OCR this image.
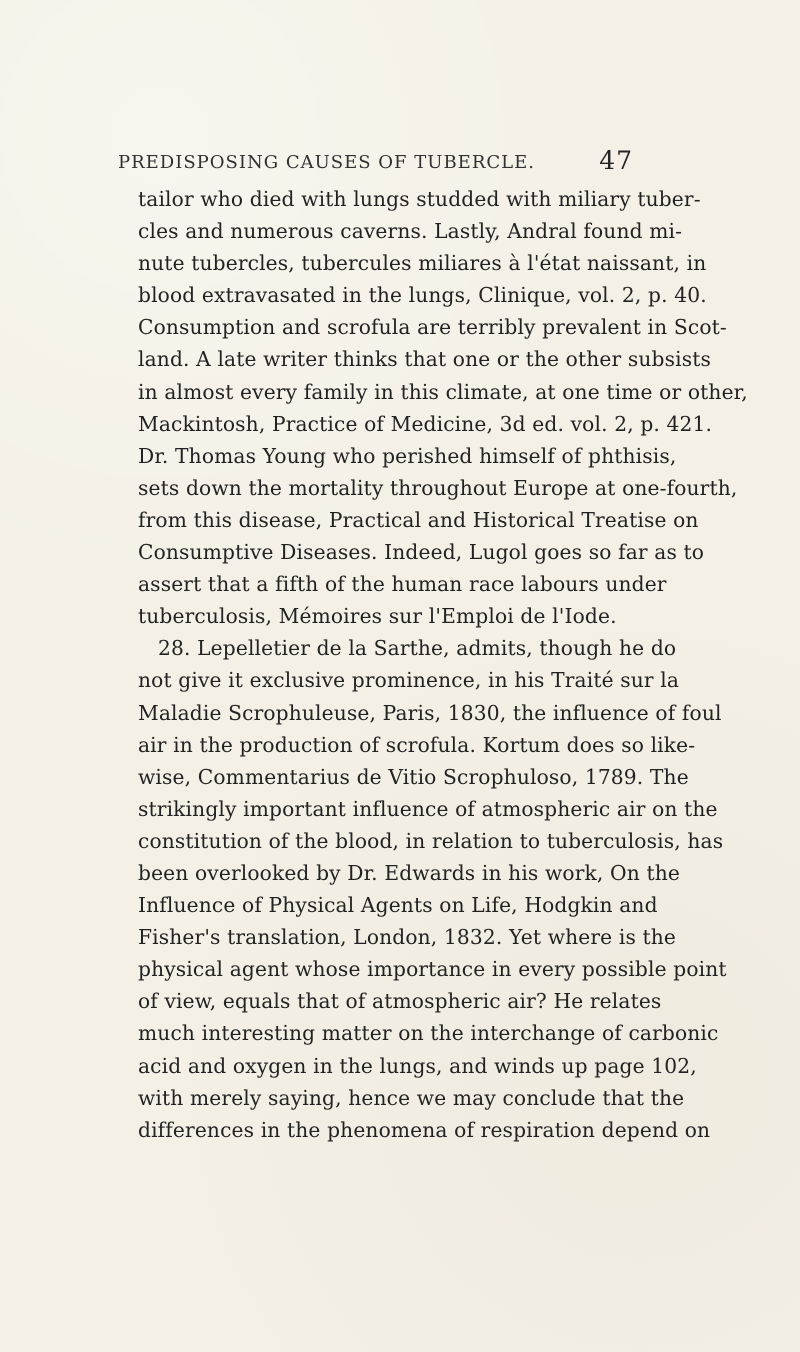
PREDISPOSING CAUSES OF TUBERCLE.	47
tailor who died with lungs studded with miliary tuber-
cles and numerous caverns. Lastly, Andral found mi-
nute tubercles, tubercules miliares à l'état naissant, in
blood extravasated in the lungs, Clinique, vol. 2, p. 40.
Consumption and scrofula are terribly prevalent in Scot-
land. A late writer thinks that one or the other subsists
in almost every family in this climate, at one time or other,
Mackintosh, Practice of Medicine, 3d ed. vol. 2, p. 421.
Dr. Thomas Young who perished himself of phthisis,
sets down the mortality throughout Europe at one-fourth,
from this disease, Practical and Historical Treatise on
Consumptive Diseases. Indeed, Lugol goes so far as to
assert that a fifth of the human race labours under
tuberculosis, Mémoires sur l'Emploi de l'Iode.
28. Lepelletier de la Sarthe, admits, though he do
not give it exclusive prominence, in his Traité sur la
Maladie Scrophuleuse, Paris, 1830, the influence of foul
air in the production of scrofula. Kortum does so like-
wise, Commentarius de Vitio Scrophuloso, 1789. The
strikingly important influence of atmospheric air on the
constitution of the blood, in relation to tuberculosis, has
been overlooked by Dr. Edwards in his work, On the
Influence of Physical Agents on Life, Hodgkin and
Fisher's translation, London, 1832. Yet where is the
physical agent whose importance in every possible point
of view, equals that of atmospheric air? He relates
much interesting matter on the interchange of carbonic
acid and oxygen in the lungs, and winds up page 102,
with merely saying, hence we may conclude that the
differences in the phenomena of respiration depend on
